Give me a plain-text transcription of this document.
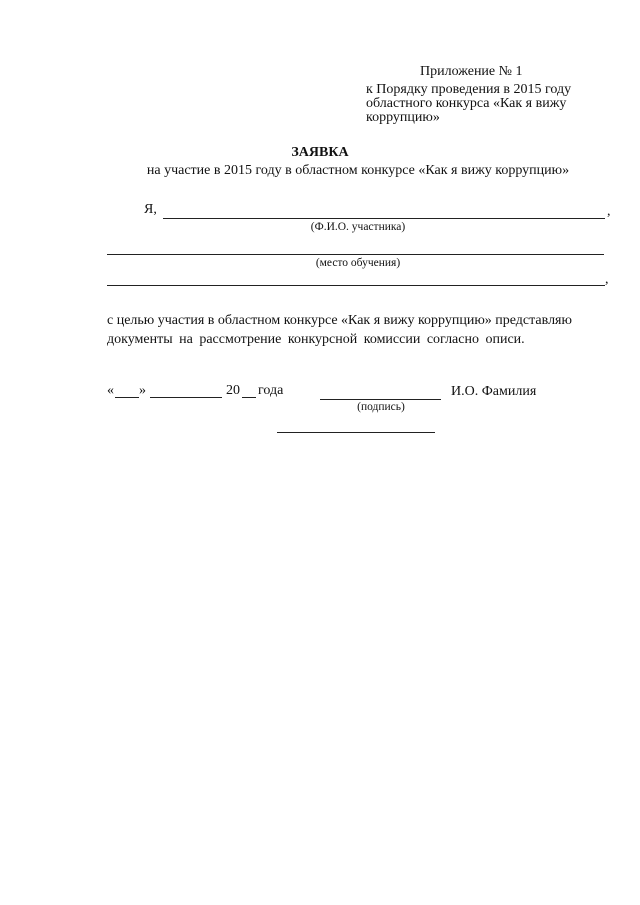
Приложение № 1
к Порядку проведения в 2015 году
областного конкурса «Как я вижу
коррупцию»
ЗАЯВКА
на участие в 2015 году в областном конкурсе «Как я вижу коррупцию»
Я,	,
(Ф.И.О. участника)
(место обучения)
,
с целью участия в областном конкурсе «Как я вижу коррупцию» представляю
документы на рассмотрение конкурсной комиссии согласно описи.
« »	20 года	И.О. Фамилия
(подпись)
